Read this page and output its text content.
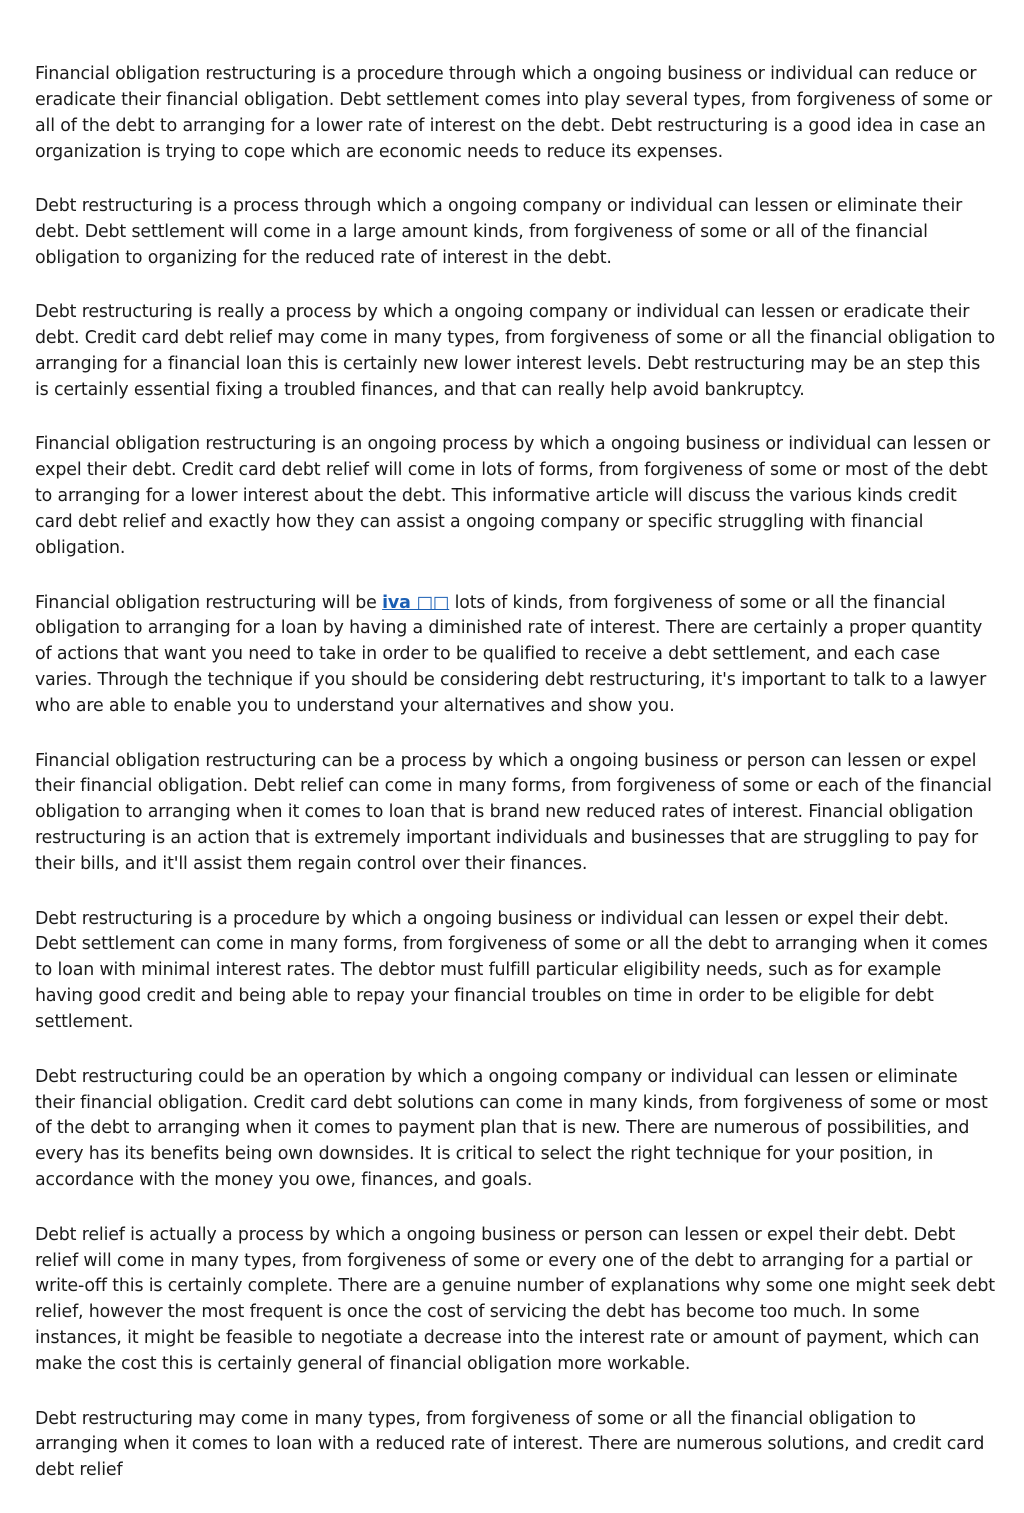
Financial obligation restructuring is a procedure through which a ongoing business or individual can reduce or eradicate their financial obligation. Debt settlement comes into play several types, from forgiveness of some or all of the debt to arranging for a lower rate of interest on the debt. Debt restructuring is a good idea in case an organization is trying to cope which are economic needs to reduce its expenses.

Debt restructuring is a process through which a ongoing company or individual can lessen or eliminate their debt. Debt settlement will come in a large amount kinds, from forgiveness of some or all of the financial obligation to organizing for the reduced rate of interest in the debt.

Debt restructuring is really a process by which a ongoing company or individual can lessen or eradicate their debt. Credit card debt relief may come in many types, from forgiveness of some or all the financial obligation to arranging for a financial loan this is certainly new lower interest levels. Debt restructuring may be an step this is certainly essential fixing a troubled finances, and that can really help avoid bankruptcy.

Financial obligation restructuring is an ongoing process by which a ongoing business or individual can lessen or expel their debt. Credit card debt relief will come in lots of forms, from forgiveness of some or most of the debt to arranging for a lower interest about the debt. This informative article will discuss the various kinds credit card debt relief and exactly how they can assist a ongoing company or specific struggling with financial obligation.

Financial obligation restructuring will be iva □□ lots of kinds, from forgiveness of some or all the financial obligation to arranging for a loan by having a diminished rate of interest. There are certainly a proper quantity of actions that want you need to take in order to be qualified to receive a debt settlement, and each case varies. Through the technique if you should be considering debt restructuring, it's important to talk to a lawyer who are able to enable you to understand your alternatives and show you.

Financial obligation restructuring can be a process by which a ongoing business or person can lessen or expel their financial obligation. Debt relief can come in many forms, from forgiveness of some or each of the financial obligation to arranging when it comes to loan that is brand new reduced rates of interest. Financial obligation restructuring is an action that is extremely important individuals and businesses that are struggling to pay for their bills, and it'll assist them regain control over their finances.

Debt restructuring is a procedure by which a ongoing business or individual can lessen or expel their debt. Debt settlement can come in many forms, from forgiveness of some or all the debt to arranging when it comes to loan with minimal interest rates. The debtor must fulfill particular eligibility needs, such as for example having good credit and being able to repay your financial troubles on time in order to be eligible for debt settlement.

Debt restructuring could be an operation by which a ongoing company or individual can lessen or eliminate their financial obligation. Credit card debt solutions can come in many kinds, from forgiveness of some or most of the debt to arranging when it comes to payment plan that is new. There are numerous of possibilities, and every has its benefits being own downsides. It is critical to select the right technique for your position, in accordance with the money you owe, finances, and goals.

Debt relief is actually a process by which a ongoing business or person can lessen or expel their debt. Debt relief will come in many types, from forgiveness of some or every one of the debt to arranging for a partial or write-off this is certainly complete. There are a genuine number of explanations why some one might seek debt relief, however the most frequent is once the cost of servicing the debt has become too much. In some instances, it might be feasible to negotiate a decrease into the interest rate or amount of payment, which can make the cost this is certainly general of financial obligation more workable.

Debt restructuring may come in many types, from forgiveness of some or all the financial obligation to arranging when it comes to loan with a reduced rate of interest. There are numerous solutions, and credit card debt relief
